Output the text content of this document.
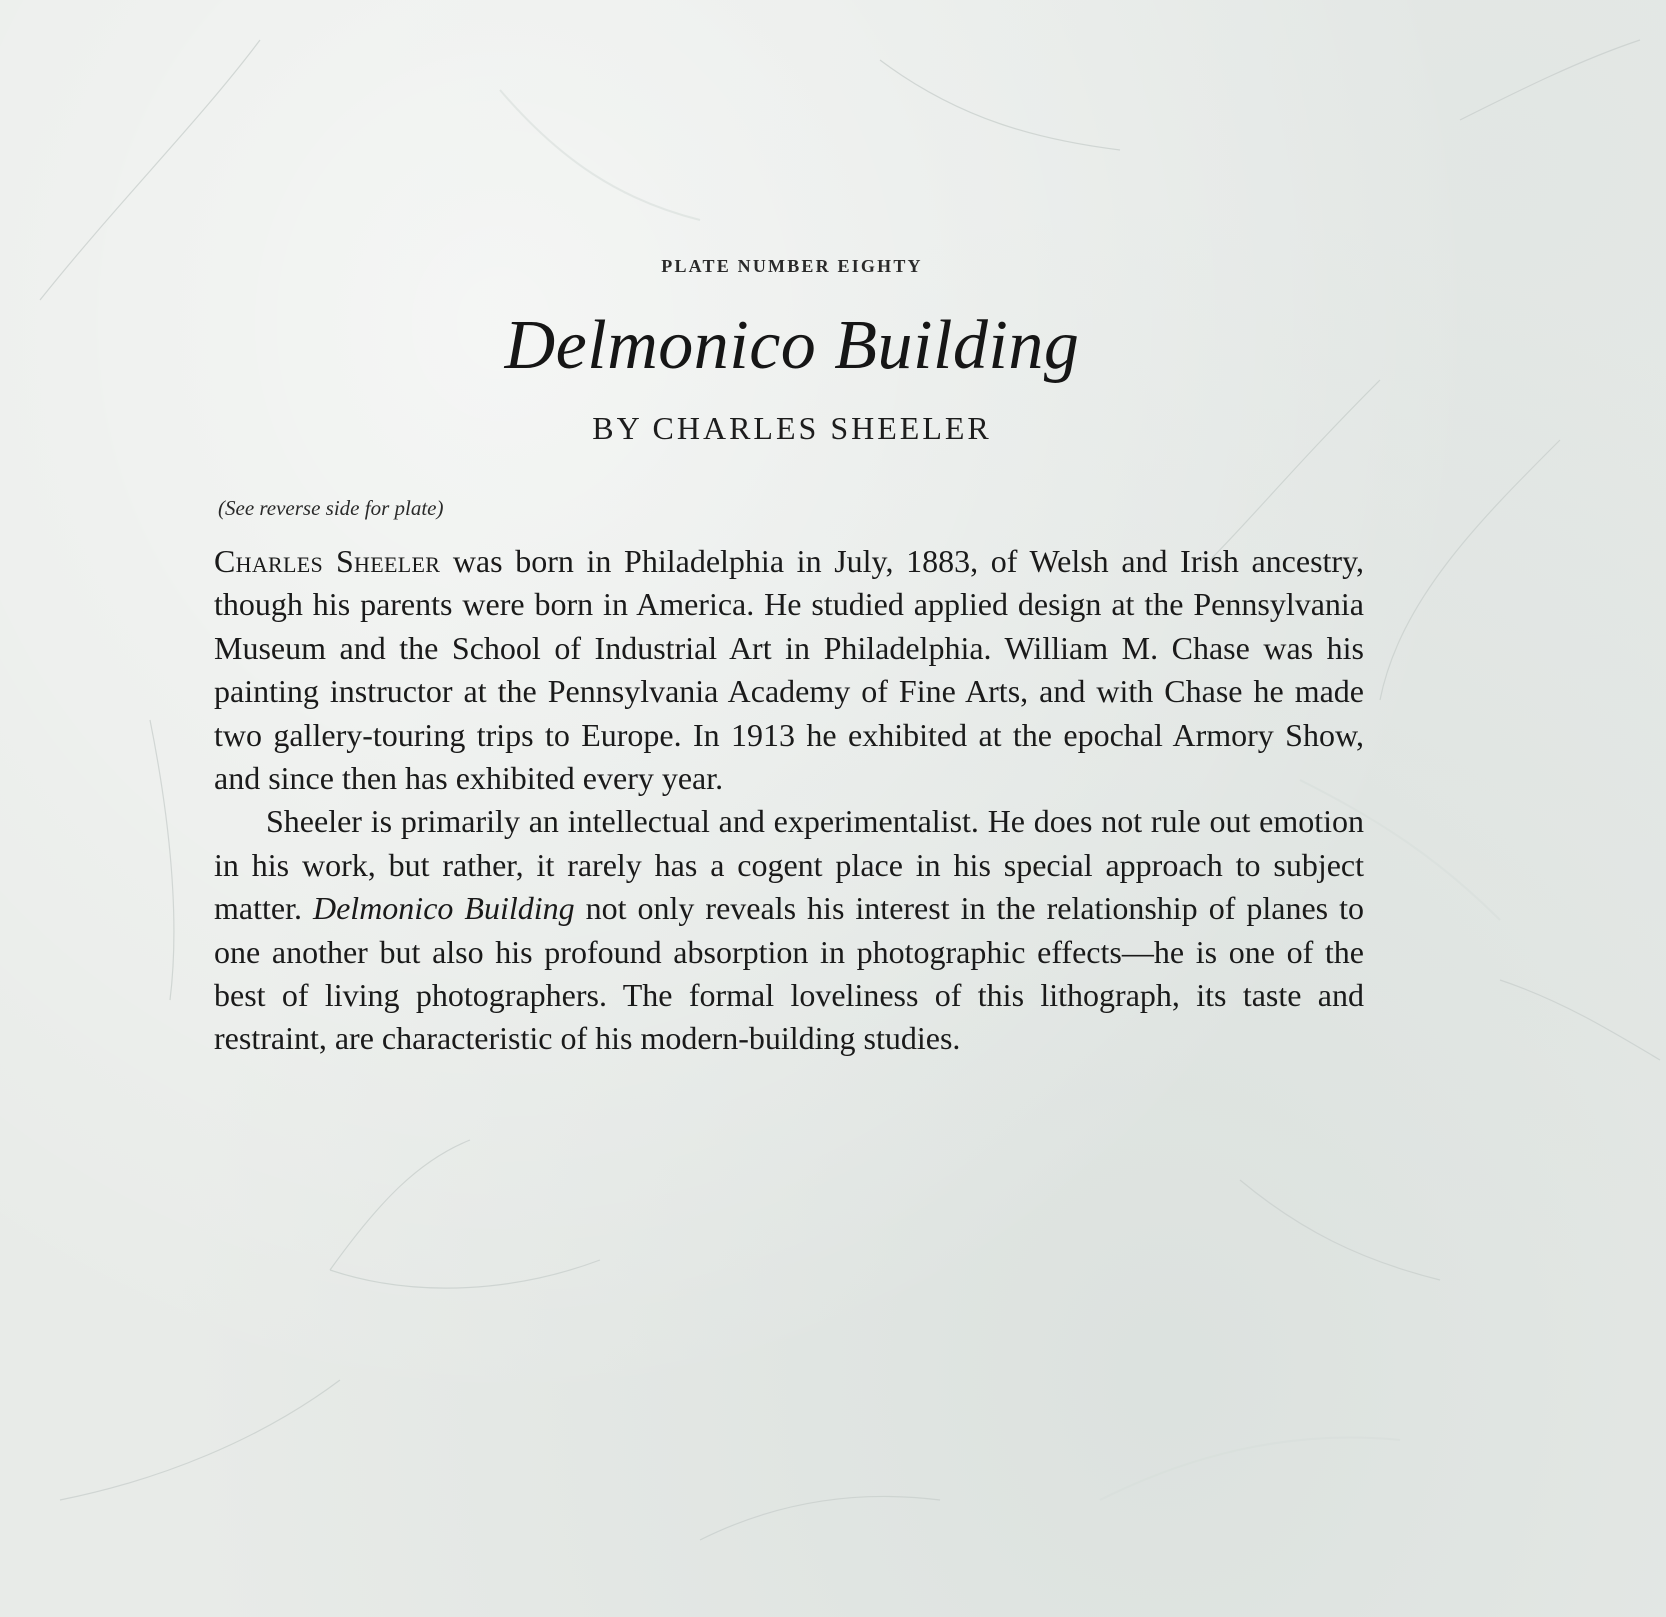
PLATE NUMBER EIGHTY
Delmonico Building
BY CHARLES SHEELER
(See reverse side for plate)

Charles Sheeler was born in Philadelphia in July, 1883, of Welsh and Irish ancestry, though his parents were born in America. He studied applied design at the Pennsylvania Museum and the School of Industrial Art in Philadelphia. William M. Chase was his painting instructor at the Pennsylvania Academy of Fine Arts, and with Chase he made two gallery-touring trips to Europe. In 1913 he exhibited at the epochal Armory Show, and since then has exhibited every year.

Sheeler is primarily an intellectual and experimentalist. He does not rule out emotion in his work, but rather, it rarely has a cogent place in his special approach to subject matter. Delmonico Building not only reveals his interest in the relationship of planes to one another but also his profound absorption in photographic effects—he is one of the best of living photographers. The formal loveliness of this lithograph, its taste and restraint, are characteristic of his modern-building studies.
